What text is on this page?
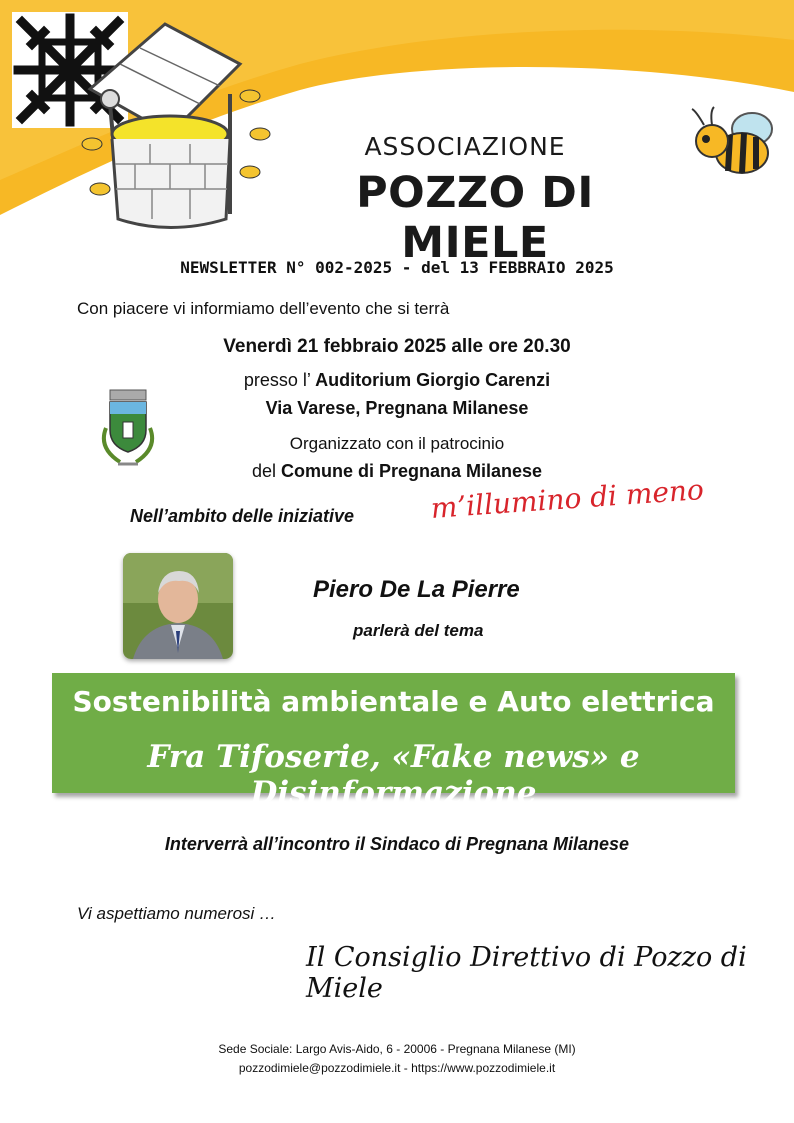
ASSOCIAZIONE
POZZO DI MIELE
NEWSLETTER N° 002-2025 - del 13 FEBBRAIO 2025
Con piacere vi informiamo dell’evento che si terrà
Venerdì 21 febbraio 2025 alle ore 20.30
presso l’ Auditorium Giorgio Carenzi
Via Varese, Pregnana Milanese
Organizzato con il patrocinio
del Comune di Pregnana Milanese
Nell’ambito delle iniziative	m’illumino di meno
Piero De La Pierre
parlerà del tema
Sostenibilità ambientale e Auto elettrica
Fra Tifoserie, «Fake news» e Disinformazione
Interverrà all’incontro il Sindaco di Pregnana Milanese
Vi aspettiamo numerosi …
Il Consiglio Direttivo di Pozzo di Miele
Sede Sociale: Largo Avis-Aido, 6 - 20006 - Pregnana Milanese (MI)
pozzodimiele@pozzodimiele.it - https://www.pozzodimiele.it
